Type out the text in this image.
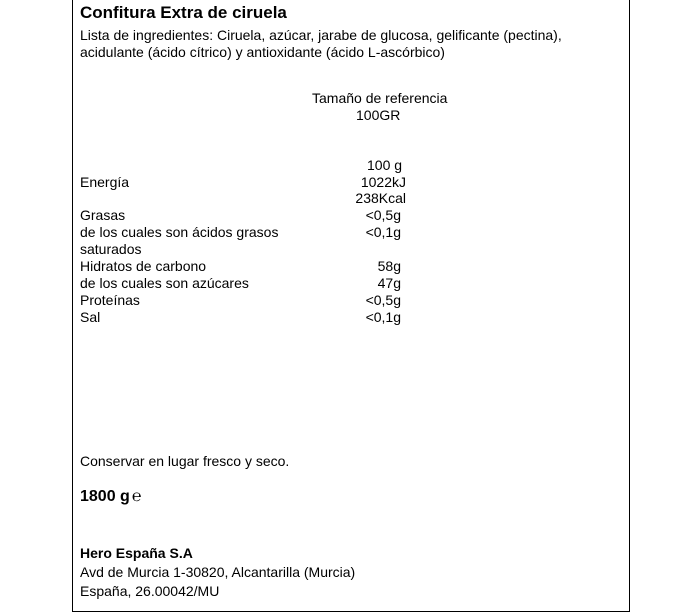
Confitura Extra de ciruela
Lista de ingredientes: Ciruela, azúcar, jarabe de glucosa, gelificante (pectina),
acidulante (ácido cítrico) y antioxidante (ácido L-ascórbico)
Tamaño de referencia
100GR
100 g
Energía	1022kJ
238Kcal
Grasas	<0,5g
de los cuales son ácidos grasos	<0,1g
saturados
Hidratos de carbono	58g
de los cuales son azúcares	47g
Proteínas	<0,5g
Sal	<0,1g
Conservar en lugar fresco y seco.
1800 g ℮
Hero España S.A
Avd de Murcia 1-30820, Alcantarilla (Murcia)
España, 26.00042/MU
